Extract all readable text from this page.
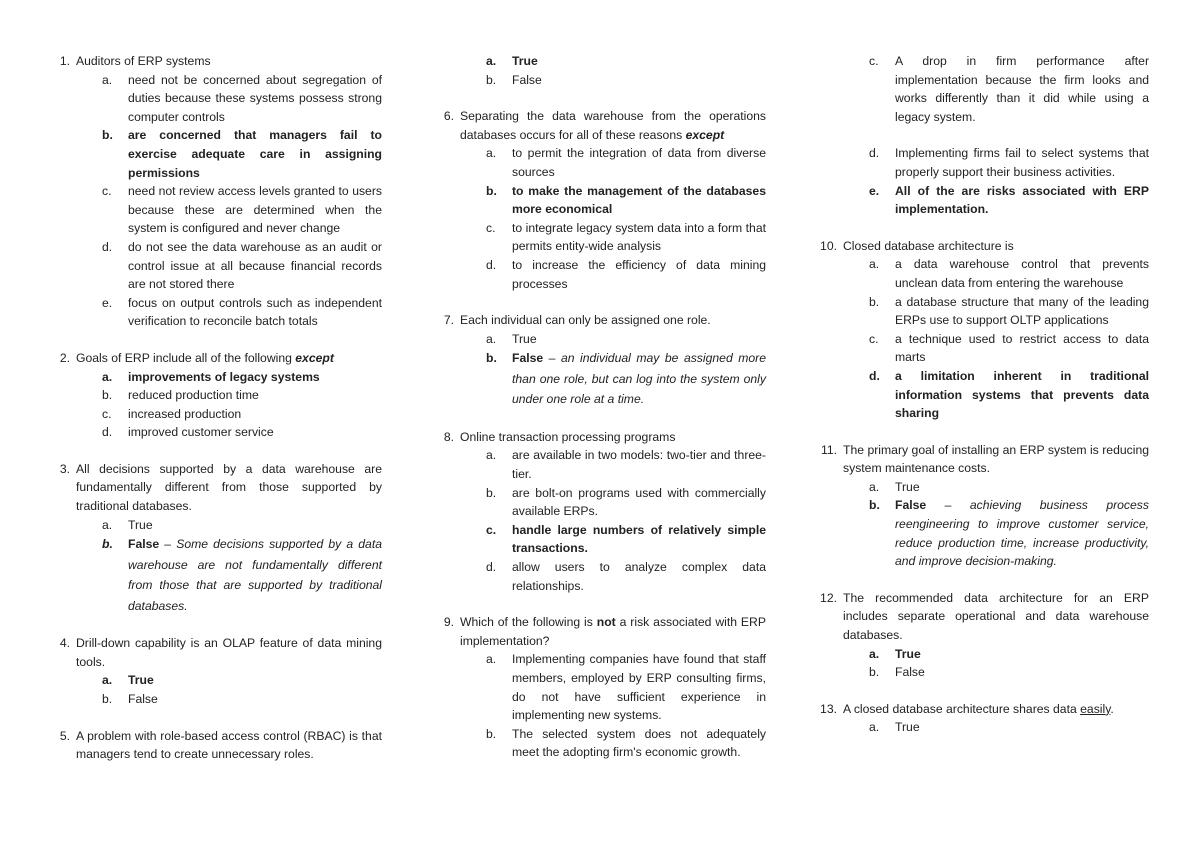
1. Auditors of ERP systems
a. need not be concerned about segregation of duties because these systems possess strong computer controls
b. are concerned that managers fail to exercise adequate care in assigning permissions
c. need not review access levels granted to users because these are determined when the system is configured and never change
d. do not see the data warehouse as an audit or control issue at all because financial records are not stored there
e. focus on output controls such as independent verification to reconcile batch totals
2. Goals of ERP include all of the following except
a. improvements of legacy systems
b. reduced production time
c. increased production
d. improved customer service
3. All decisions supported by a data warehouse are fundamentally different from those supported by traditional databases.
a. True
b. False – Some decisions supported by a data warehouse are not fundamentally different from those that are supported by traditional databases.
4. Drill-down capability is an OLAP feature of data mining tools.
a. True
b. False
5. A problem with role-based access control (RBAC) is that managers tend to create unnecessary roles.
a. True
b. False
6. Separating the data warehouse from the operations databases occurs for all of these reasons except
a. to permit the integration of data from diverse sources
b. to make the management of the databases more economical
c. to integrate legacy system data into a form that permits entity-wide analysis
d. to increase the efficiency of data mining processes
7. Each individual can only be assigned one role.
a. True
b. False – an individual may be assigned more than one role, but can log into the system only under one role at a time.
8. Online transaction processing programs
a. are available in two models: two-tier and three-tier.
b. are bolt-on programs used with commercially available ERPs.
c. handle large numbers of relatively simple transactions.
d. allow users to analyze complex data relationships.
9. Which of the following is not a risk associated with ERP implementation?
a. Implementing companies have found that staff members, employed by ERP consulting firms, do not have sufficient experience in implementing new systems.
b. The selected system does not adequately meet the adopting firm's economic growth.
c. A drop in firm performance after implementation because the firm looks and works differently than it did while using a legacy system.
d. Implementing firms fail to select systems that properly support their business activities.
e. All of the are risks associated with ERP implementation.
10. Closed database architecture is
a. a data warehouse control that prevents unclean data from entering the warehouse
b. a database structure that many of the leading ERPs use to support OLTP applications
c. a technique used to restrict access to data marts
d. a limitation inherent in traditional information systems that prevents data sharing
11. The primary goal of installing an ERP system is reducing system maintenance costs.
a. True
b. False – achieving business process reengineering to improve customer service, reduce production time, increase productivity, and improve decision-making.
12. The recommended data architecture for an ERP includes separate operational and data warehouse databases.
a. True
b. False
13. A closed database architecture shares data easily.
a. True
